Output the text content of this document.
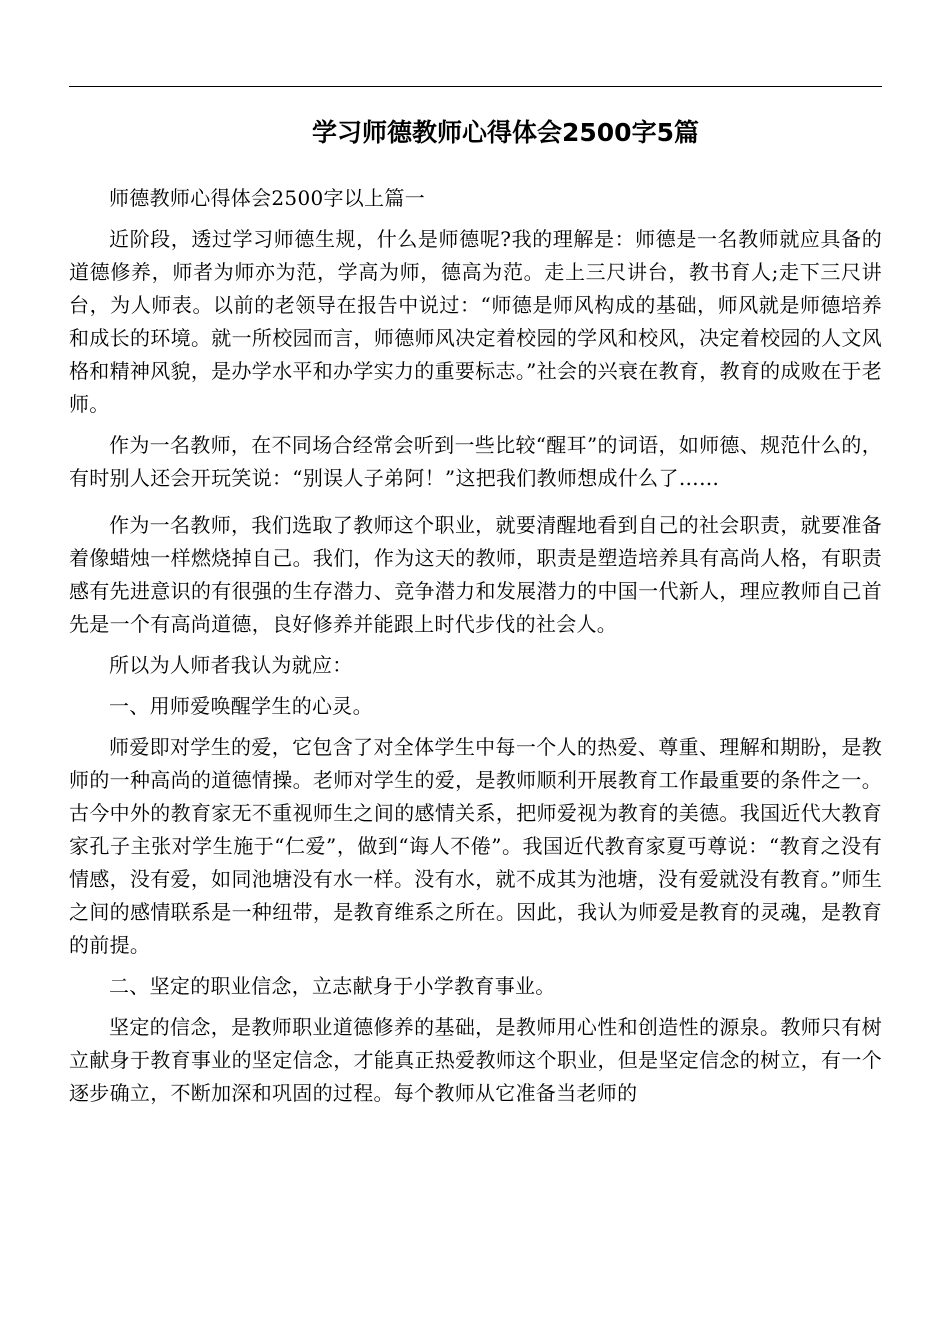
学习师德教师心得体会2500字5篇

师德教师心得体会2500字以上篇一

近阶段，透过学习师德生规，什么是师德呢?我的理解是：师德是一名教师就应具备的道德修养，师者为师亦为范，学高为师，德高为范。走上三尺讲台，教书育人;走下三尺讲台，为人师表。以前的老领导在报告中说过：“师德是师风构成的基础，师风就是师德培养和成长的环境。就一所校园而言，师德师风决定着校园的学风和校风，决定着校园的人文风格和精神风貌，是办学水平和办学实力的重要标志。”社会的兴衰在教育，教育的成败在于老师。

作为一名教师，在不同场合经常会听到一些比较“醒耳”的词语，如师德、规范什么的，有时别人还会开玩笑说：“别误人子弟阿！”这把我们教师想成什么了……

作为一名教师，我们选取了教师这个职业，就要清醒地看到自己的社会职责，就要准备着像蜡烛一样燃烧掉自己。我们，作为这天的教师，职责是塑造培养具有高尚人格，有职责感有先进意识的有很强的生存潜力、竞争潜力和发展潜力的中国一代新人，理应教师自己首先是一个有高尚道德，良好修养并能跟上时代步伐的社会人。

所以为人师者我认为就应：

一、用师爱唤醒学生的心灵。

师爱即对学生的爱，它包含了对全体学生中每一个人的热爱、尊重、理解和期盼，是教师的一种高尚的道德情操。老师对学生的爱，是教师顺利开展教育工作最重要的条件之一。古今中外的教育家无不重视师生之间的感情关系，把师爱视为教育的美德。我国近代大教育家孔子主张对学生施于“仁爱”，做到“诲人不倦”。我国近代教育家夏丏尊说：“教育之没有情感，没有爱，如同池塘没有水一样。没有水，就不成其为池塘，没有爱就没有教育。”师生之间的感情联系是一种纽带，是教育维系之所在。因此，我认为师爱是教育的灵魂，是教育的前提。

二、坚定的职业信念，立志献身于小学教育事业。

坚定的信念，是教师职业道德修养的基础，是教师用心性和创造性的源泉。教师只有树立献身于教育事业的坚定信念，才能真正热爱教师这个职业，但是坚定信念的树立，有一个逐步确立，不断加深和巩固的过程。每个教师从它准备当老师的
